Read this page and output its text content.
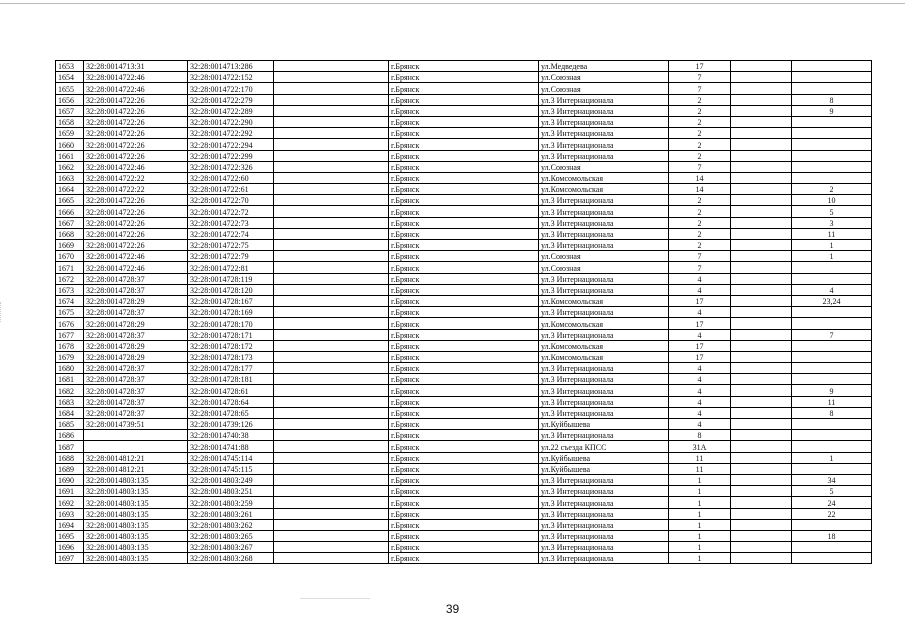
1653	32:28:0014713:31	32:28:0014713:286		г.Брянск	ул.Медведева	17		
1654	32:28:0014722:46	32:28:0014722:152		г.Брянск	ул.Союзная	7		
1655	32:28:0014722:46	32:28:0014722:170		г.Брянск	ул.Союзная	7		
1656	32:28:0014722:26	32:28:0014722:279		г.Брянск	ул.3 Интернационала	2		8
1657	32:28:0014722:26	32:28:0014722:289		г.Брянск	ул.3 Интернационала	2		9
1658	32:28:0014722:26	32:28:0014722:290		г.Брянск	ул.3 Интернационала	2		
1659	32:28:0014722:26	32:28:0014722:292		г.Брянск	ул.3 Интернационала	2		
1660	32:28:0014722:26	32:28:0014722:294		г.Брянск	ул.3 Интернационала	2		
1661	32:28:0014722:26	32:28:0014722:299		г.Брянск	ул.3 Интернационала	2		
1662	32:28:0014722:46	32:28:0014722:326		г.Брянск	ул.Союзная	7		
1663	32:28:0014722:22	32:28:0014722:60		г.Брянск	ул.Комсомольская	14		
1664	32:28:0014722:22	32:28:0014722:61		г.Брянск	ул.Комсомольская	14		2
1665	32:28:0014722:26	32:28:0014722:70		г.Брянск	ул.3 Интернационала	2		10
1666	32:28:0014722:26	32:28:0014722:72		г.Брянск	ул.3 Интернационала	2		5
1667	32:28:0014722:26	32:28:0014722:73		г.Брянск	ул.3 Интернационала	2		3
1668	32:28:0014722:26	32:28:0014722:74		г.Брянск	ул.3 Интернационала	2		11
1669	32:28:0014722:26	32:28:0014722:75		г.Брянск	ул.3 Интернационала	2		1
1670	32:28:0014722:46	32:28:0014722:79		г.Брянск	ул.Союзная	7		1
1671	32:28:0014722:46	32:28:0014722:81		г.Брянск	ул.Союзная	7		
1672	32:28:0014728:37	32:28:0014728:119		г.Брянск	ул.3 Интернационала	4		
1673	32:28:0014728:37	32:28:0014728:120		г.Брянск	ул.3 Интернационала	4		4
1674	32:28:0014728:29	32:28:0014728:167		г.Брянск	ул.Комсомольская	17		23,24
1675	32:28:0014728:37	32:28:0014728:169		г.Брянск	ул.3 Интернационала	4		
1676	32:28:0014728:29	32:28:0014728:170		г.Брянск	ул.Комсомольская	17		
1677	32:28:0014728:37	32:28:0014728:171		г.Брянск	ул.3 Интернационала	4		7
1678	32:28:0014728:29	32:28:0014728:172		г.Брянск	ул.Комсомольская	17		
1679	32:28:0014728:29	32:28:0014728:173		г.Брянск	ул.Комсомольская	17		
1680	32:28:0014728:37	32:28:0014728:177		г.Брянск	ул.3 Интернационала	4		
1681	32:28:0014728:37	32:28:0014728:181		г.Брянск	ул.3 Интернационала	4		
1682	32:28:0014728:37	32:28:0014728:61		г.Брянск	ул.3 Интернационала	4		9
1683	32:28:0014728:37	32:28:0014728:64		г.Брянск	ул.3 Интернационала	4		11
1684	32:28:0014728:37	32:28:0014728:65		г.Брянск	ул.3 Интернационала	4		8
1685	32:28:0014739:51	32:28:0014739:126		г.Брянск	ул.Куйбышева	4		
1686		32:28:0014740:38		г.Брянск	ул.3 Интернационала	8		
1687		32:28:0014741:88		г.Брянск	ул.22 съезда КПСС	31А		
1688	32:28:0014812:21	32:28:0014745:114		г.Брянск	ул.Куйбышева	11		1
1689	32:28:0014812:21	32:28:0014745:115		г.Брянск	ул.Куйбышева	11		
1690	32:28:0014803:135	32:28:0014803:249		г.Брянск	ул.3 Интернационала	1		34
1691	32:28:0014803:135	32:28:0014803:251		г.Брянск	ул.3 Интернационала	1		5
1692	32:28:0014803:135	32:28:0014803:259		г.Брянск	ул.3 Интернационала	1		24
1693	32:28:0014803:135	32:28:0014803:261		г.Брянск	ул.3 Интернационала	1		22
1694	32:28:0014803:135	32:28:0014803:262		г.Брянск	ул.3 Интернационала	1		
1695	32:28:0014803:135	32:28:0014803:265		г.Брянск	ул.3 Интернационала	1		18
1696	32:28:0014803:135	32:28:0014803:267		г.Брянск	ул.3 Интернационала	1		
1697	32:28:0014803:135	32:28:0014803:268		г.Брянск	ул.3 Интернационала	1		
39
